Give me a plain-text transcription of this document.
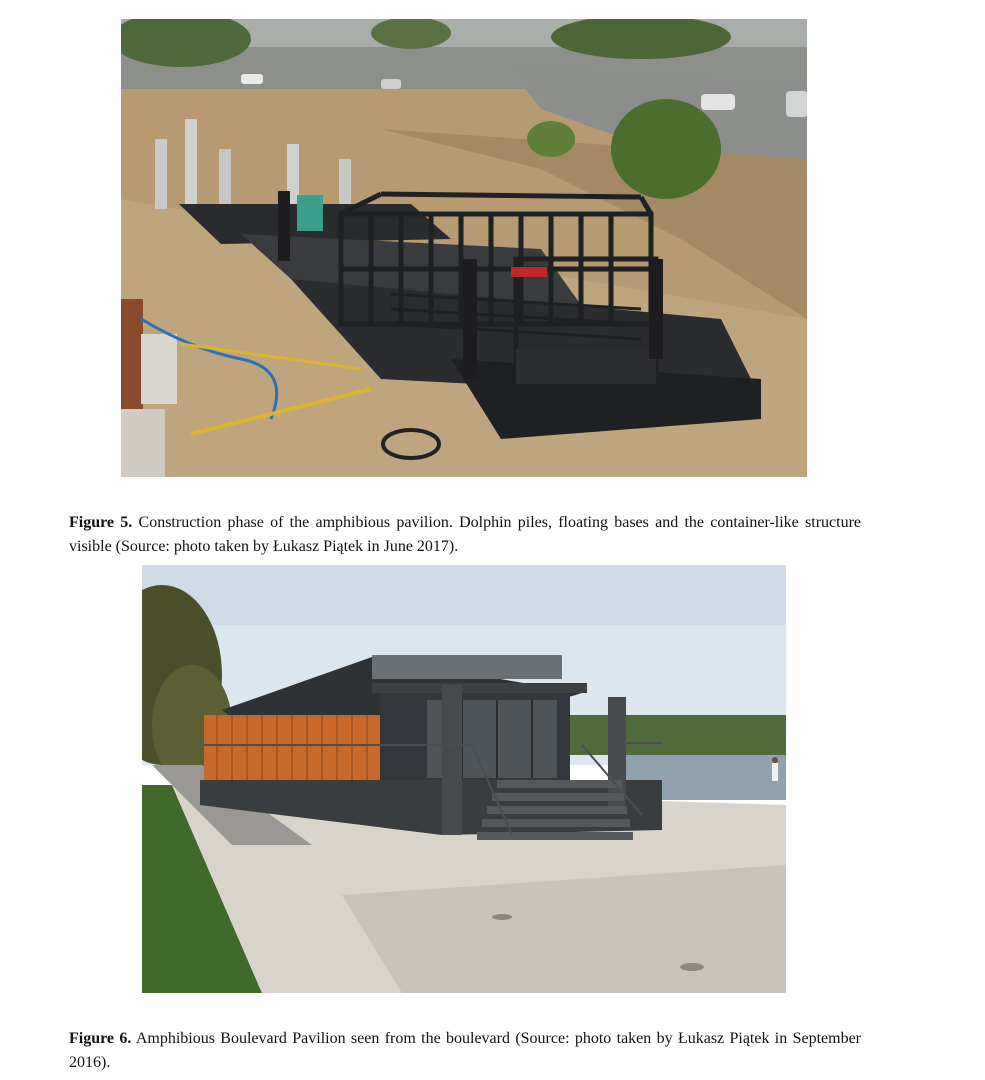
Figure 5. Construction phase of the amphibious pavilion. Dolphin piles, floating bases and the container-like structure visible (Source: photo taken by Łukasz Piątek in June 2017).

Figure 6. Amphibious Boulevard Pavilion seen from the boulevard (Source: photo taken by Łukasz Piątek in September 2016).
